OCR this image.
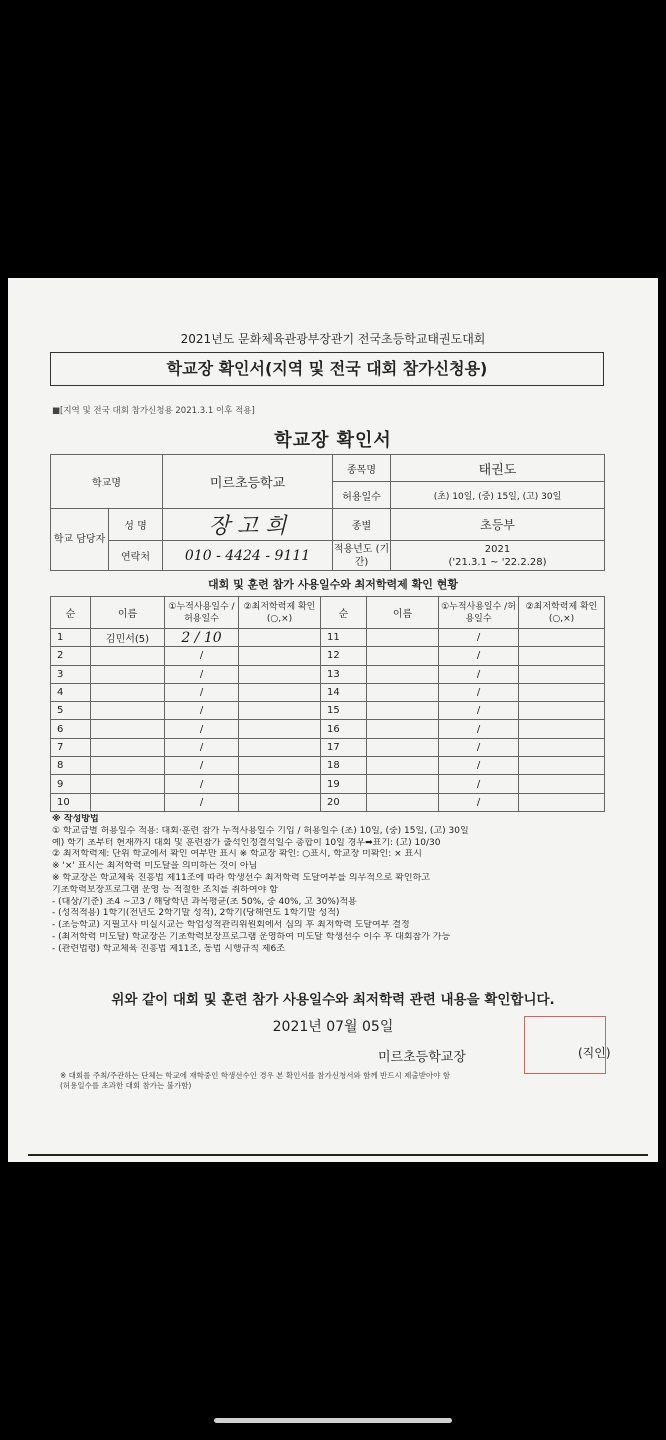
2021년도 문화체육관광부장관기 전국초등학교태권도대회
학교장 확인서(지역 및 전국 대회 참가신청용)
■[지역 및 전국 대회 참가신청용 2021.3.1 이후 적용]
학교장 확인서
학교명		미르초등학교	종목명	태권도
			허용일수	(초) 10일, (중) 15일, (고) 30일
학교 담당자	성 명	장 고 희	종별	초등부
	연락처	010 - 4424 - 9111	적용년도 (기간)	2021
('21.3.1 ~ '22.2.28)
대회 및 훈련 참가 사용일수와 최저학력제 확인 현황
순	이름	①누적사용일수 /허용일수	②최저학력제 확인(○,×)	순	이름	①누적사용일수 /허용일수	②최저학력제 확인(○,×)
1	김민서(5)	2 / 10		11		/	
2		/		12		/	
3		/		13		/	
4		/		14		/	
5		/		15		/	
6		/		16		/	
7		/		17		/	
8		/		18		/	
9		/		19		/	
10		/		20		/	
※ 작성방법
① 학교급별 허용일수 적용: 대회·훈련 참가 누적사용일수 기입 / 허용일수 (초) 10일, (중) 15일, (고) 30일
예) 학기 초부터 현재까지 대회 및 훈련참가 출석인정결석일수 총합이 10일 경우➡표기: (고) 10/30
② 최저학력제: 단위 학교에서 확인 여부만 표시 ※ 학교장 확인: ○표시, 학교장 미확인: × 표시
※ '×' 표시는 최저학력 미도달을 의미하는 것이 아님
※ 학교장은 학교체육 진흥법 제11조에 따라 학생선수 최저학력 도달여부를 의무적으로 확인하고
기초학력보장프로그램 운영 등 적절한 조치를 취하여야 함
- (대상/기준) 초4 ~고3 / 해당학년 과목평균(초 50%, 중 40%, 고 30%)적용
- (성적적용) 1학기(전년도 2학기말 성적), 2학기(당해연도 1학기말 성적)
- (초등학교) 지필고사 미실시교는 학업성적관리위원회에서 심의 후 최저학력 도달여부 결정
- (최저학력 미도달) 학교장은 기초학력보장프로그램 운영하여 미도달 학생선수 이수 후 대회참가 가능
- (관련법령) 학교체육 진흥법 제11조, 동법 시행규칙 제6조
위와 같이 대회 및 훈련 참가 사용일수와 최저학력 관련 내용을 확인합니다.
2021년 07월 05일
미르초등학교장	(직인)
※ 대회를 주최/주관하는 단체는 학교에 재학중인 학생선수인 경우 본 확인서를 참가신청서와 함께 반드시 제출받아야 함
(허용일수를 초과한 대회 참가는 불가함)
